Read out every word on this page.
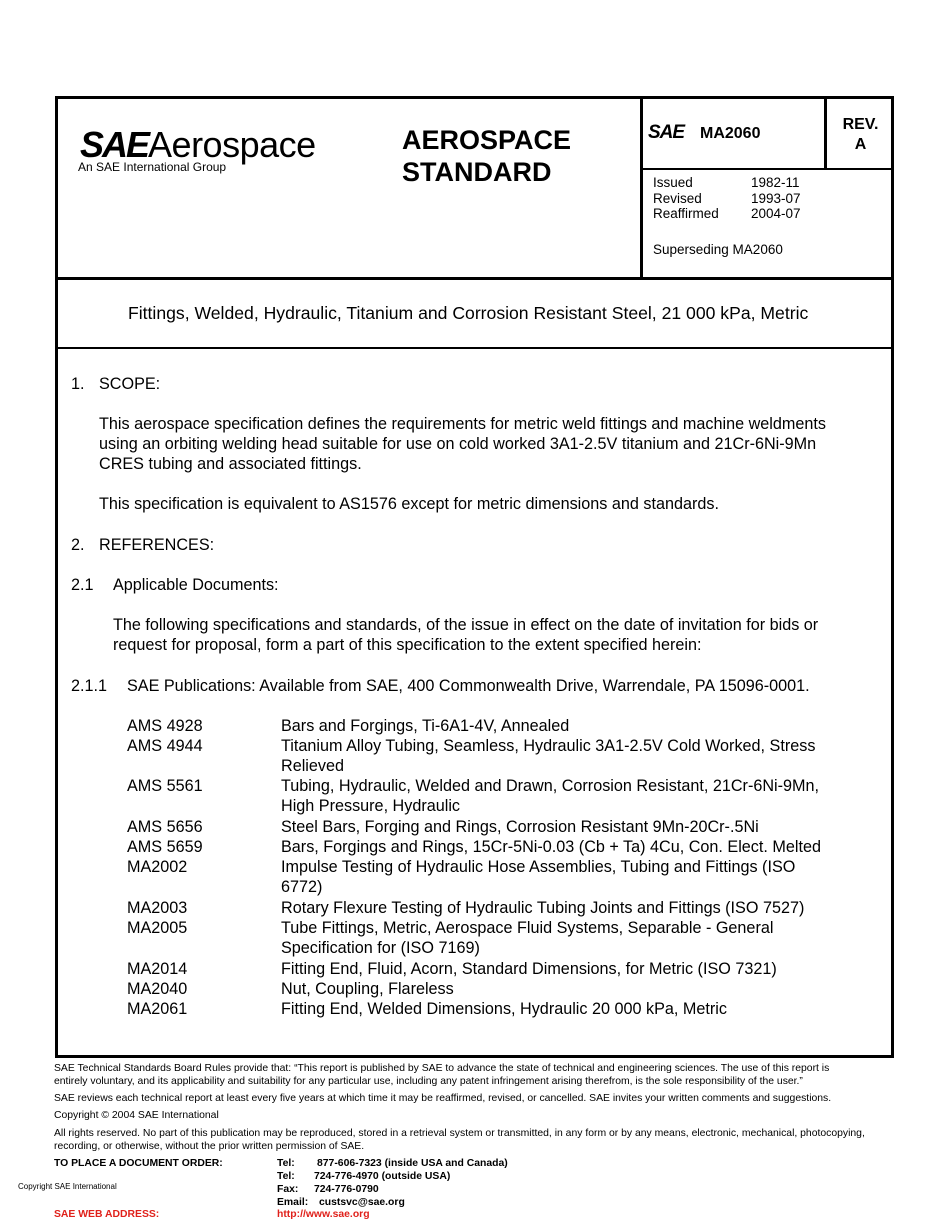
SAEAerospace
An SAE International Group
AEROSPACE
STANDARD
SAE MA2060
REV.
A
Issued	1982-11
Revised	1993-07
Reaffirmed 2004-07
Superseding MA2060
Fittings, Welded, Hydraulic, Titanium and Corrosion Resistant Steel, 21 000 kPa, Metric
1. SCOPE:
This aerospace specification defines the requirements for metric weld fittings and machine weldments
using an orbiting welding head suitable for use on cold worked 3A1-2.5V titanium and 21Cr-6Ni-9Mn
CRES tubing and associated fittings.
This specification is equivalent to AS1576 except for metric dimensions and standards.
2. REFERENCES:
2.1 Applicable Documents:
The following specifications and standards, of the issue in effect on the date of invitation for bids or
request for proposal, form a part of this specification to the extent specified herein:
2.1.1 SAE Publications: Available from SAE, 400 Commonwealth Drive, Warrendale, PA 15096-0001.
AMS 4928	Bars and Forgings, Ti-6A1-4V, Annealed
AMS 4944	Titanium Alloy Tubing, Seamless, Hydraulic 3A1-2.5V Cold Worked, Stress
Relieved
AMS 5561	Tubing, Hydraulic, Welded and Drawn, Corrosion Resistant, 21Cr-6Ni-9Mn,
High Pressure, Hydraulic
AMS 5656	Steel Bars, Forging and Rings, Corrosion Resistant 9Mn-20Cr-.5Ni
AMS 5659	Bars, Forgings and Rings, 15Cr-5Ni-0.03 (Cb + Ta) 4Cu, Con. Elect. Melted
MA2002	Impulse Testing of Hydraulic Hose Assemblies, Tubing and Fittings (ISO
6772)
MA2003	Rotary Flexure Testing of Hydraulic Tubing Joints and Fittings (ISO 7527)
MA2005	Tube Fittings, Metric, Aerospace Fluid Systems, Separable - General
Specification for (ISO 7169)
MA2014	Fitting End, Fluid, Acorn, Standard Dimensions, for Metric (ISO 7321)
MA2040	Nut, Coupling, Flareless
MA2061	Fitting End, Welded Dimensions, Hydraulic 20 000 kPa, Metric
SAE Technical Standards Board Rules provide that: “This report is published by SAE to advance the state of technical and engineering sciences. The use of this report is
entirely voluntary, and its applicability and suitability for any particular use, including any patent infringement arising therefrom, is the sole responsibility of the user.”
SAE reviews each technical report at least every five years at which time it may be reaffirmed, revised, or cancelled. SAE invites your written comments and suggestions.
Copyright © 2004 SAE International
All rights reserved. No part of this publication may be reproduced, stored in a retrieval system or transmitted, in any form or by any means, electronic, mechanical, photocopying,
recording, or otherwise, without the prior written permission of SAE.
TO PLACE A DOCUMENT ORDER:	Tel: 877-606-7323 (inside USA and Canada)
Tel: 724-776-4970 (outside USA)
Fax: 724-776-0790
Email: custsvc@sae.org
Copyright SAE International
SAE WEB ADDRESS:	http://www.sae.org
